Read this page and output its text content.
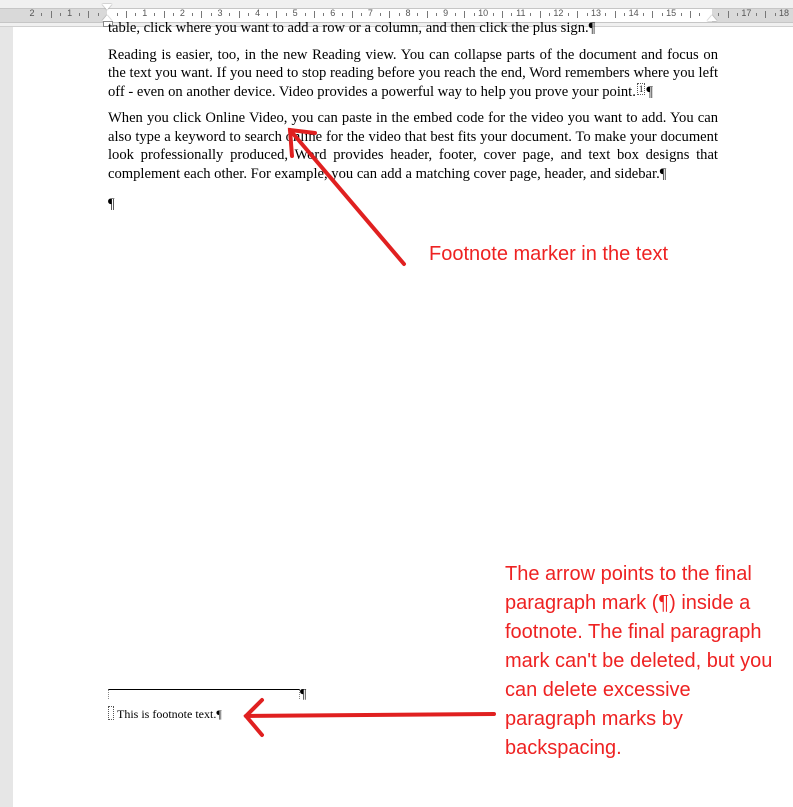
2	1	1	2	3	4	5	6	7	8	9	10	11	12	13	14	15	17	18

table, click where you want to add a row or a column, and then click the plus sign.¶

Reading is easier, too, in the new Reading view. You can collapse parts of the document and focus on the text you want. If you need to stop reading before you reach the end, Word remembers where you left off - even on another device. Video provides a powerful way to help you prove your point. 1 ¶

When you click Online Video, you can paste in the embed code for the video you want to add. You can also type a keyword to search online for the video that best fits your document. To make your document look professionally produced, Word provides header, footer, cover page, and text box designs that complement each other. For example, you can add a matching cover page, header, and sidebar.¶

¶

¶
This is footnote text.¶
Footnote marker in the text
The arrow points to the final paragraph mark (¶) inside a footnote. The final paragraph mark can't be deleted, but you can delete excessive paragraph marks by backspacing.
